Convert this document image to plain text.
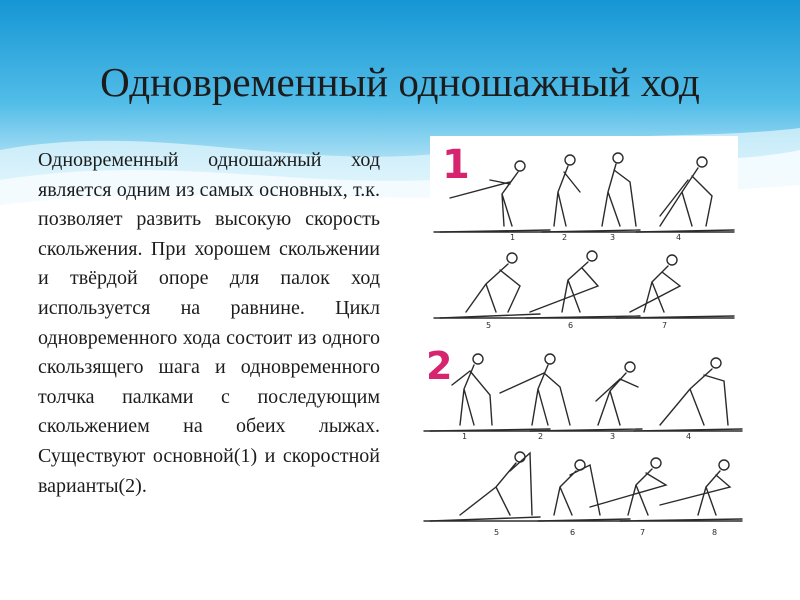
Одновременный одношажный ход

Одновременный одношажный ход является одним из самых основных, т.к. позволяет развить высокую скорость скольжения. При хорошем скольжении и твёрдой опоре для палок ход используется на равнине. Цикл одновременного хода состоит из одного скользящего шага и одновременного толчка палками с последующим скольжением на обеих лыжах. Существуют основной(1) и скоростной варианты(2).

1
1	2	3	4
5	6	7
2
1	2	3	4
5	6	7	8
